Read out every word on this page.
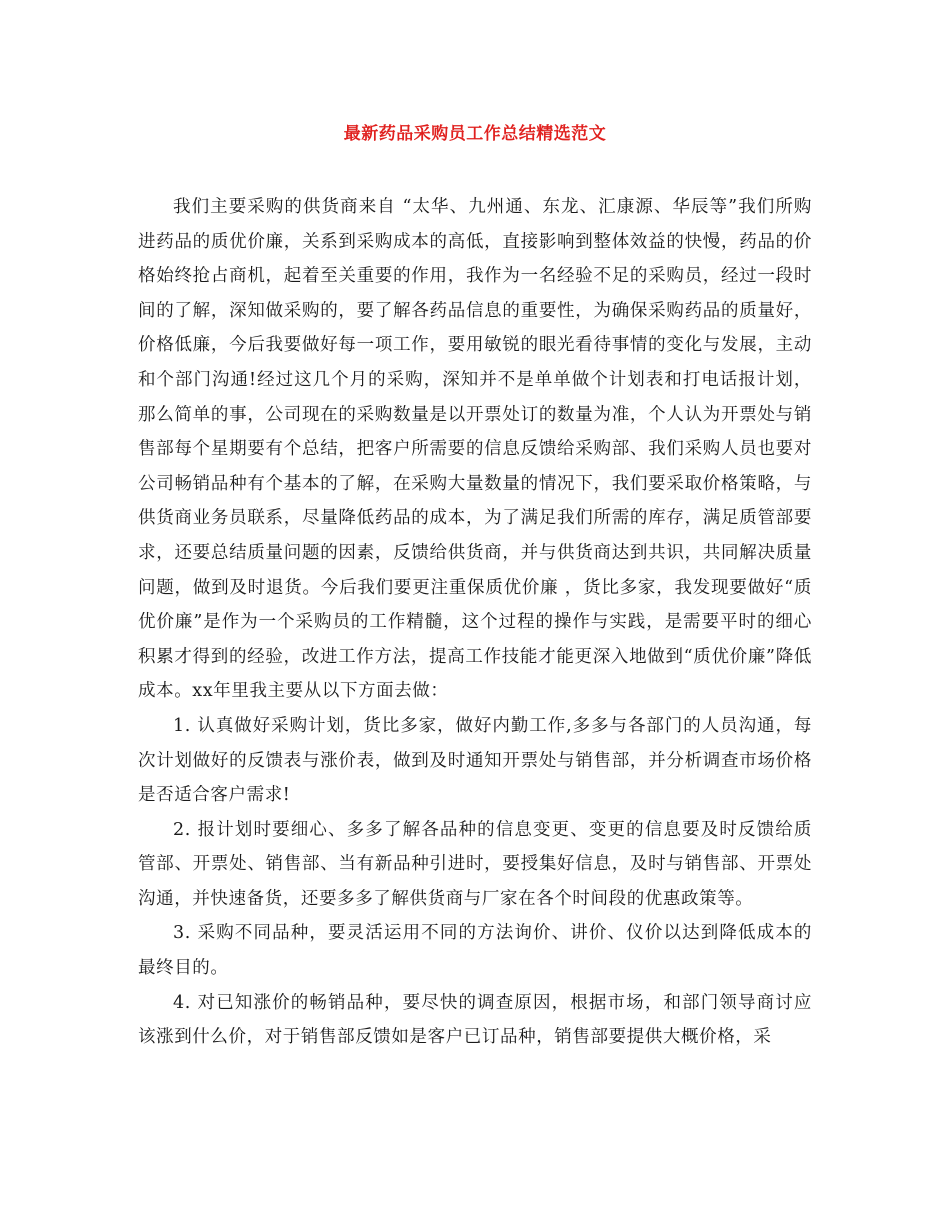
最新药品采购员工作总结精选范文

我们主要采购的供货商来自 “太华、九州通、东龙、汇康源、华辰等”我们所购进药品的质优价廉，关系到采购成本的高低，直接影响到整体效益的快慢，药品的价格始终抢占商机，起着至关重要的作用，我作为一名经验不足的采购员，经过一段时间的了解，深知做采购的，要了解各药品信息的重要性，为确保采购药品的质量好，价格低廉，今后我要做好每一项工作，要用敏锐的眼光看待事情的变化与发展，主动和个部门沟通!经过这几个月的采购，深知并不是单单做个计划表和打电话报计划，那么简单的事，公司现在的采购数量是以开票处订的数量为准，个人认为开票处与销售部每个星期要有个总结，把客户所需要的信息反馈给采购部、我们采购人员也要对公司畅销品种有个基本的了解，在采购大量数量的情况下，我们要采取价格策略，与供货商业务员联系，尽量降低药品的成本，为了满足我们所需的库存，满足质管部要求，还要总结质量问题的因素，反馈给供货商，并与供货商达到共识，共同解决质量问题，做到及时退货。今后我们要更注重保质优价廉 ，货比多家，我发现要做好“质优价廉”是作为一个采购员的工作精髓，这个过程的操作与实践，是需要平时的细心积累才得到的经验，改进工作方法，提高工作技能才能更深入地做到“质优价廉”降低成本。xx年里我主要从以下方面去做：

1. 认真做好采购计划，货比多家，做好内勤工作,多多与各部门的人员沟通，每次计划做好的反馈表与涨价表，做到及时通知开票处与销售部，并分析调查市场价格是否适合客户需求!

2. 报计划时要细心、多多了解各品种的信息变更、变更的信息要及时反馈给质管部、开票处、销售部、当有新品种引进时，要授集好信息，及时与销售部、开票处沟通，并快速备货，还要多多了解供货商与厂家在各个时间段的优惠政策等。

3. 采购不同品种，要灵活运用不同的方法询价、讲价、仪价以达到降低成本的最终目的。

4. 对已知涨价的畅销品种，要尽快的调查原因，根据市场，和部门领导商讨应该涨到什么价，对于销售部反馈如是客户已订品种，销售部要提供大概价格，采
